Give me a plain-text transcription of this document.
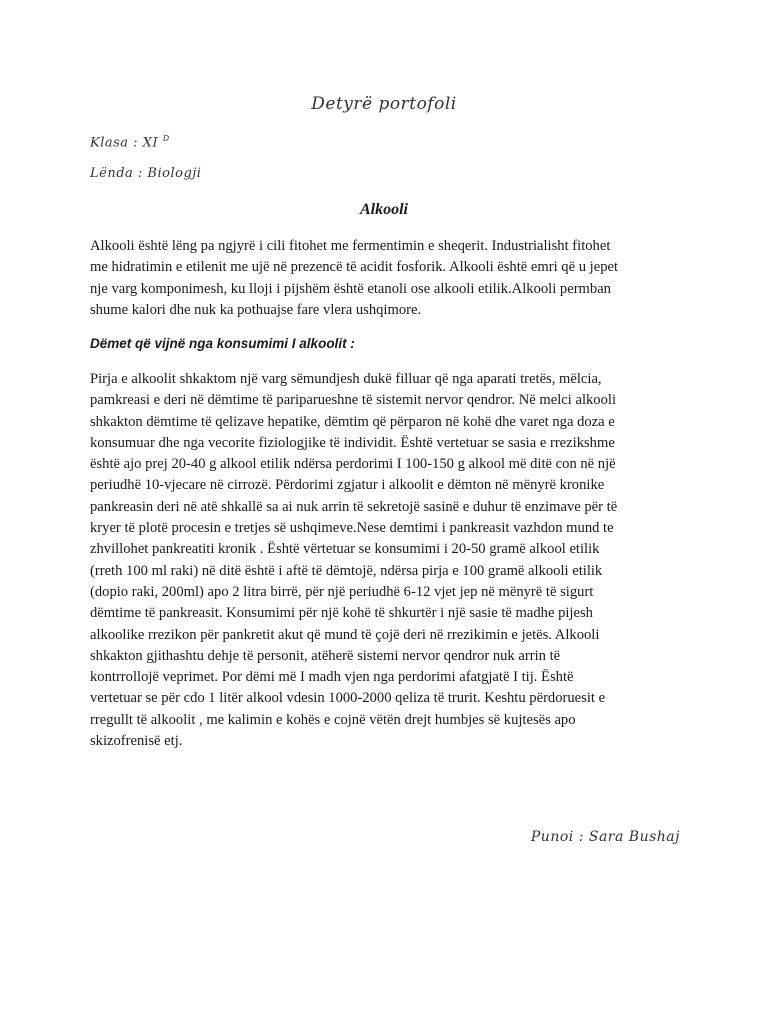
Detyrë portofoli
Klasa : XI $^D$
Lënda : Biologji
Alkooli
Alkooli është lëng pa ngjyrë i cili fitohet me fermentimin e sheqerit. Industrialisht fitohet
me hidratimin e etilenit me ujë në prezencë të acidit fosforik. Alkooli është emri që u jepet
nje varg komponimesh, ku lloji i pijshëm është etanoli ose alkooli etilik.Alkooli permban
shume kalori dhe nuk ka pothuajse fare vlera ushqimore.
Dëmet që vijnë nga konsumimi I alkoolit :
Pirja e alkoolit shkaktom një varg sëmundjesh dukë filluar që nga aparati tretës, mëlcia,
pamkreasi e deri në dëmtime të pariparueshne të sistemit nervor qendror. Në melci alkooli
shkakton dëmtime të qelizave hepatike, dëmtim që përparon në kohë dhe varet nga doza e
konsumuar dhe nga vecorite fiziologjike të individit. Është vertetuar se sasia e rrezikshme
është ajo prej 20-40 g alkool etilik ndërsa perdorimi I 100-150 g alkool më ditë con në një
periudhë 10-vjecare në cirrozë. Përdorimi zgjatur i alkoolit e dëmton në mënyrë kronike
pankreasin deri në atë shkallë sa ai nuk arrin të sekretojë sasinë e duhur të enzimave për të
kryer të plotë procesin e tretjes së ushqimeve.Nese demtimi i pankreasit vazhdon mund te
zhvillohet pankreatiti kronik . Është vërtetuar se konsumimi i 20-50 gramë alkool etilik
(rreth 100 ml raki) në ditë është i aftë të dëmtojë, ndërsa pirja e 100 gramë alkooli etilik
(dopio raki, 200ml) apo 2 litra birrë, për një periudhë 6-12 vjet jep në mënyrë të sigurt
dëmtime të pankreasit. Konsumimi për një kohë të shkurtër i një sasie të madhe pijesh
alkoolike rrezikon për pankretit akut që mund të çojë deri në rrezikimin e jetës. Alkooli
shkakton gjithashtu dehje të personit, atëherë sistemi nervor qendror nuk arrin të
kontrrollojë veprimet. Por dëmi më I madh vjen nga perdorimi afatgjatë I tij. Është
vertetuar se për cdo 1 litër alkool vdesin 1000-2000 qeliza të trurit. Keshtu përdoruesit e
rregullt të alkoolit , me kalimin e kohës e cojnë vëtën drejt humbjes së kujtesës apo
skizofrenisë etj.
Punoi : Sara Bushaj
